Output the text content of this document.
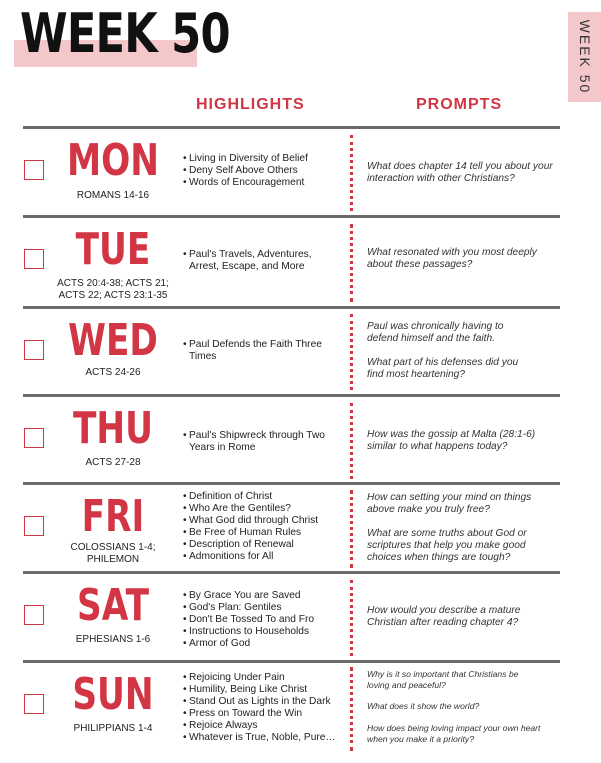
WEEK 50	WEEK 50
HIGHLIGHTS	PROMPTS
MON
ROMANS 14-16
• Living in Diversity of Belief
• Deny Self Above Others
• Words of Encouragement
What does chapter 14 tell you about your interaction with other Christians?
TUE
ACTS 20:4-38; ACTS 21; ACTS 22; ACTS 23:1-35
• Paul's Travels, Adventures, Arrest, Escape, and More
What resonated with you most deeply about these passages?
WED
ACTS 24-26
• Paul Defends the Faith Three Times
Paul was chronically having to defend himself and the faith.
What part of his defenses did you find most heartening?
THU
ACTS 27-28
• Paul's Shipwreck through Two Years in Rome
How was the gossip at Malta (28:1-6) similar to what happens today?
FRI
COLOSSIANS 1-4; PHILEMON
• Definition of Christ
• Who Are the Gentiles?
• What God did through Christ
• Be Free of Human Rules
• Description of Renewal
• Admonitions for All
How can setting your mind on things above make you truly free?
What are some truths about God or scriptures that help you make good choices when things are tough?
SAT
EPHESIANS 1-6
• By Grace You are Saved
• God's Plan: Gentiles
• Don't Be Tossed To and Fro
• Instructions to Households
• Armor of God
How would you describe a mature Christian after reading chapter 4?
SUN
PHILIPPIANS 1-4
• Rejoicing Under Pain
• Humility, Being Like Christ
• Stand Out as Lights in the Dark
• Press on Toward the Win
• Rejoice Always
• Whatever is True, Noble, Pure…
Why is it so important that Christians be loving and peaceful?
What does it show the world?
How does being loving impact your own heart when you make it a priority?
